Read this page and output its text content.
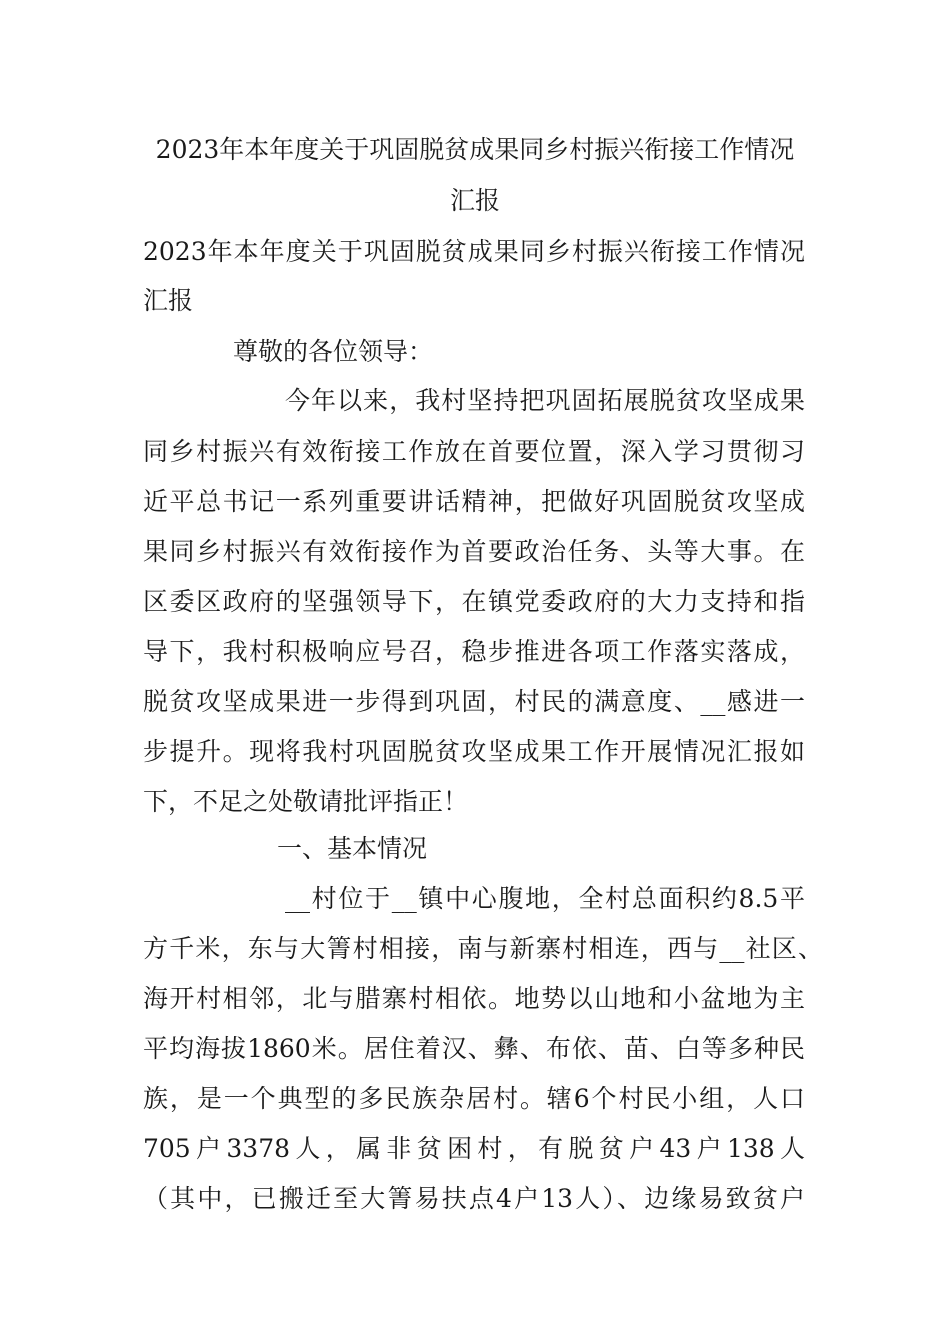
2023年本年度关于巩固脱贫成果同乡村振兴衔接工作情况
汇报
2023年本年度关于巩固脱贫成果同乡村振兴衔接工作情况
汇报
尊敬的各位领导：
今年以来，我村坚持把巩固拓展脱贫攻坚成果
同乡村振兴有效衔接工作放在首要位置，深入学习贯彻习
近平总书记一系列重要讲话精神，把做好巩固脱贫攻坚成
果同乡村振兴有效衔接作为首要政治任务、头等大事。在
区委区政府的坚强领导下，在镇党委政府的大力支持和指
导下，我村积极响应号召，稳步推进各项工作落实落成，
脱贫攻坚成果进一步得到巩固，村民的满意度、__感进一
步提升。现将我村巩固脱贫攻坚成果工作开展情况汇报如
下，不足之处敬请批评指正！
一、基本情况
__村位于__镇中心腹地，全村总面积约8.5平
方千米，东与大箐村相接，南与新寨村相连，西与__社区、
海开村相邻，北与腊寨村相依。地势以山地和小盆地为主
平均海拔1860米。居住着汉、彝、布依、苗、白等多种民
族，是一个典型的多民族杂居村。辖6个村民小组，人口
705户3378人，属非贫困村，有脱贫户43户138人
（其中，已搬迁至大箐易扶点4户13人）、边缘易致贫户
